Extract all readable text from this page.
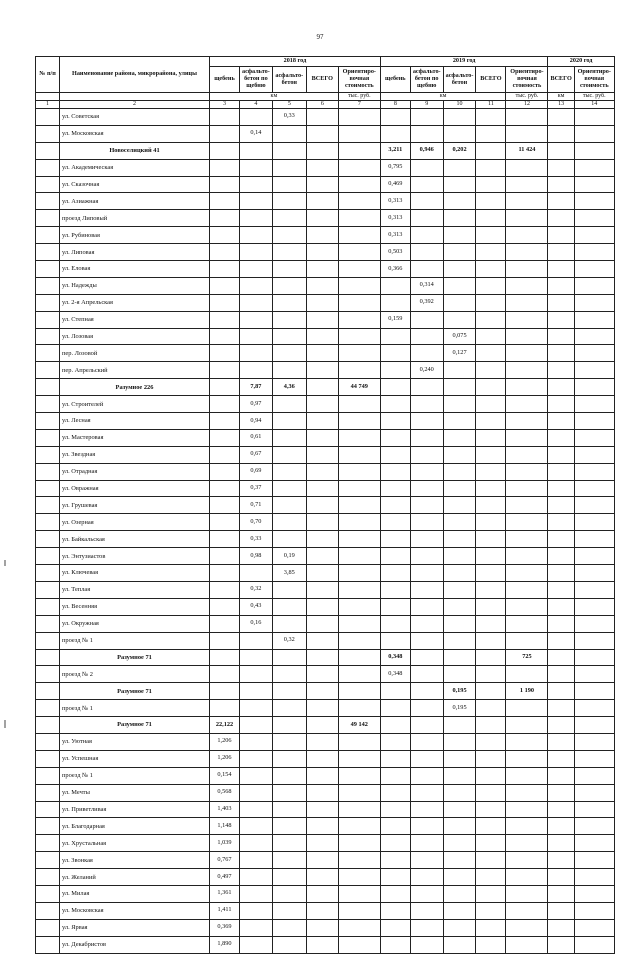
97
№ п/п	Наименование района, микрорайона, улицы	2018 год					2019 год					2020 год	
		щебень	асфальто-бетон по щебню	асфальто-бетон	ВСЕГО	Ориентиро-вочная стоимость	щебень	асфальто-бетон по щебню	асфальто-бетон	ВСЕГО	Ориентиро-вочная стоимость	ВСЕГО	Ориентиро-вочная стоимость
		км				тыс. руб.	км				тыс. руб.	км	тыс. руб.
1	2	3	4	5	6	7	8	9	10	11	12	13	14
	ул. Советская			0,33									
	ул. Московская		0,14										
	Новоселицкий 41						3,211	0,946	0,202		11 424		
	ул. Академическая						0,795						
	ул. Сказочная						0,469						
	ул. Азиажная						0,313						
	проезд Липовый						0,313						
	ул. Рубиновая						0,313						
	ул. Липовая						0,503						
	ул. Еловая						0,366						
	ул. Надежды							0,314					
	ул. 2-я Апрельская							0,392					
	ул. Степная						0,159						
	ул. Лозовая								0,075				
	пер. Лозовой								0,127				
	пер. Апрельский							0,240					
	Разумное 226		7,87	4,36		44 749							
	ул. Строителей		0,97										
	ул. Лесная		0,94										
	ул. Мастеровая		0,61										
	ул. Звездная		0,67										
	ул. Отрадная		0,69										
	ул. Овражная		0,37										
	ул. Грушевая		0,71										
	ул. Озерная		0,70										
	ул. Байкальская		0,33										
	ул. Энтузиастов		0,98	0,19									
	ул. Ключевая			3,85									
	ул. Теплая		0,32										
	ул. Весенняя		0,43										
	ул. Окружная		0,16										
	проезд № 1			0,32									
	Разумное 71						0,348				725		
	проезд № 2						0,348						
	Разумное 71								0,195		1 190		
	проезд № 1								0,195				
	Разумное 71	22,122				49 142							
	ул. Уютная	1,206											
	ул. Успешная	1,206											
	проезд № 1	0,154											
	ул. Мечты	0,568											
	ул. Приветливая	1,403											
	ул. Благодарная	1,148											
	ул. Хрустальная	1,039											
	ул. Звонкая	0,767											
	ул. Желаний	0,497											
	ул. Милая	1,361											
	ул. Московская	1,411											
	ул. Ярвая	0,369											
	ул. Декабристов	1,890											
